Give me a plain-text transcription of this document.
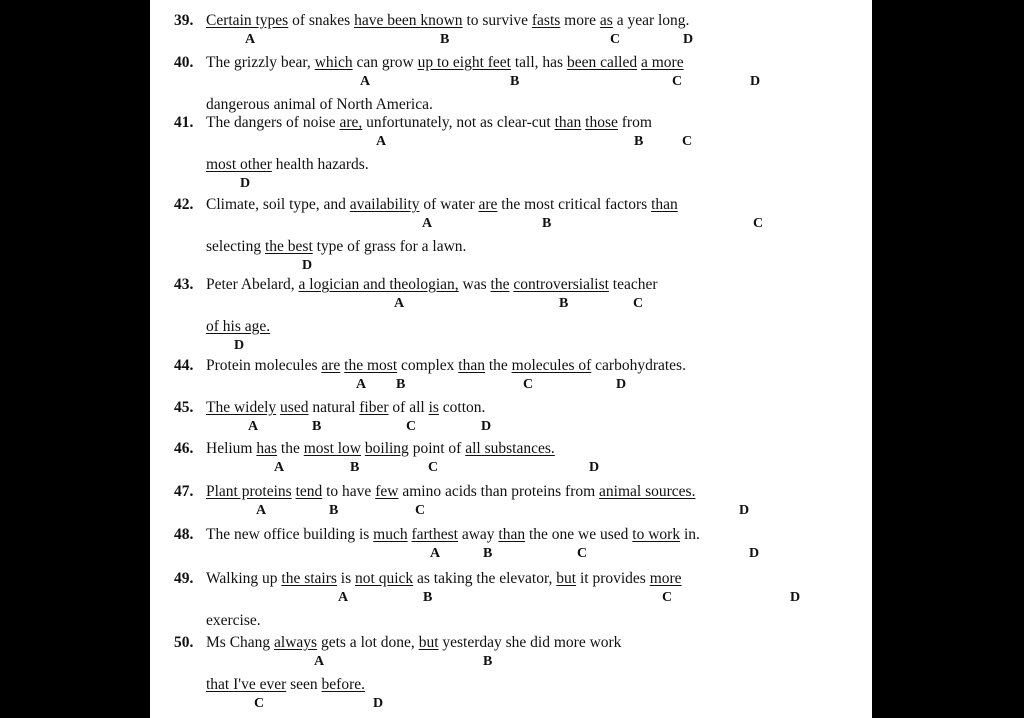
39. Certain types of snakes have been known to survive fasts more as a year long.
A	B	C	D
40. The grizzly bear, which can grow up to eight feet tall, has been called a more
dangerous animal of North America.
A	B	C	D
41. The dangers of noise are, unfortunately, not as clear-cut than those from
most other health hazards.
A	B	C
D
42. Climate, soil type, and availability of water are the most critical factors than
selecting the best type of grass for a lawn.
A	B	C
D
43. Peter Abelard, a logician and theologian, was the controversialist teacher
of his age.
A	B	C
D
44. Protein molecules are the most complex than the molecules of carbohydrates.
A B	C	D
45. The widely used natural fiber of all is cotton.
A	B	C	D
46. Helium has the most low boiling point of all substances.
A	B	C	D
47. Plant proteins tend to have few amino acids than proteins from animal sources.
A	B	C	D
48. The new office building is much farthest away than the one we used to work in.
A	B	C	D
49. Walking up the stairs is not quick as taking the elevator, but it provides more
exercise.
A	B	C	D
50. Ms Chang always gets a lot done, but yesterday she did more work
that I've ever seen before.
A	B
C	D
